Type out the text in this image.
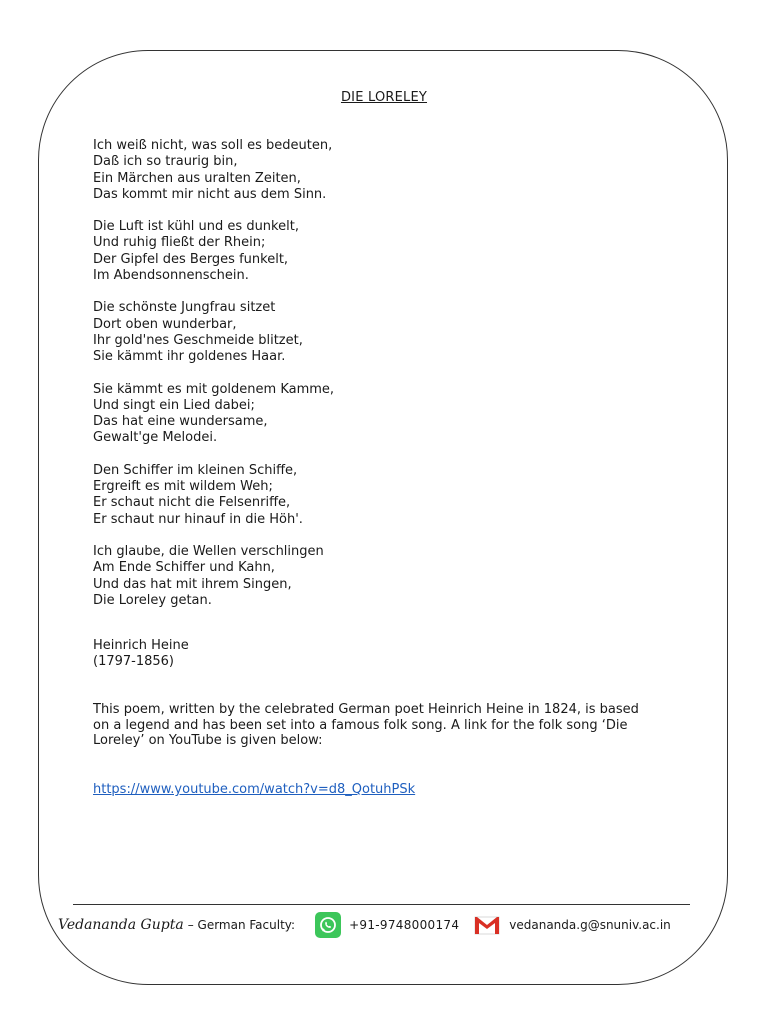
DIE LORELEY
Ich weiß nicht, was soll es bedeuten,
Daß ich so traurig bin,
Ein Märchen aus uralten Zeiten,
Das kommt mir nicht aus dem Sinn.
Die Luft ist kühl und es dunkelt,
Und ruhig fließt der Rhein;
Der Gipfel des Berges funkelt,
Im Abendsonnenschein.
Die schönste Jungfrau sitzet
Dort oben wunderbar,
Ihr gold'nes Geschmeide blitzet,
Sie kämmt ihr goldenes Haar.
Sie kämmt es mit goldenem Kamme,
Und singt ein Lied dabei;
Das hat eine wundersame,
Gewalt'ge Melodei.
Den Schiffer im kleinen Schiffe,
Ergreift es mit wildem Weh;
Er schaut nicht die Felsenriffe,
Er schaut nur hinauf in die Höh'.
Ich glaube, die Wellen verschlingen
Am Ende Schiffer und Kahn,
Und das hat mit ihrem Singen,
Die Loreley getan.
Heinrich Heine
(1797-1856)
This poem, written by the celebrated German poet Heinrich Heine in 1824, is based
on a legend and has been set into a famous folk song. A link for the folk song ‘Die
Loreley’ on YouTube is given below:
https://www.youtube.com/watch?v=d8_QotuhPSk
Vedananda Gupta – German Faculty:	+91-9748000174	vedananda.g@snuniv.ac.in
